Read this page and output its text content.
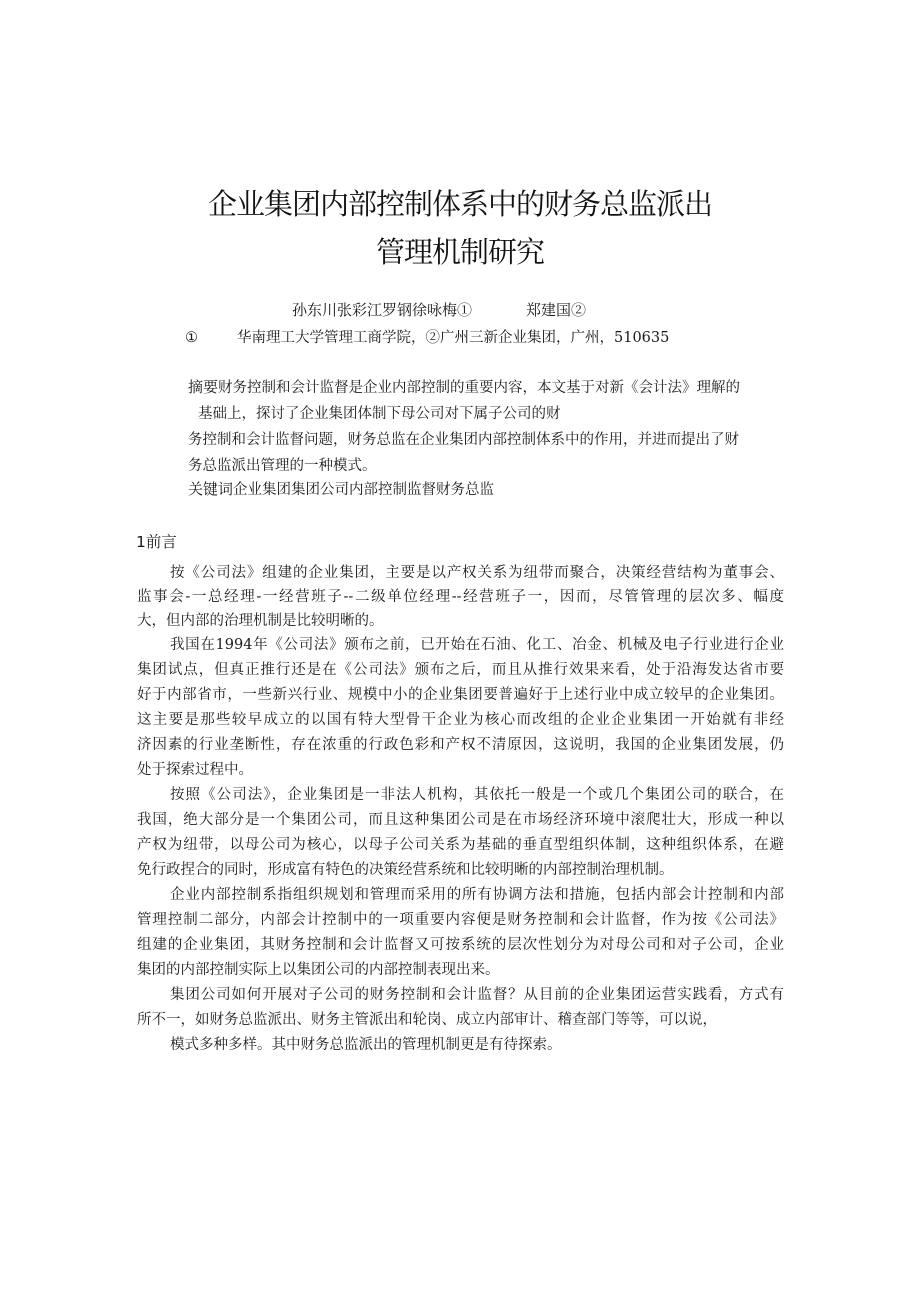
企业集团内部控制体系中的财务总监派出
管理机制研究
孙东川张彩江罗钢徐咏梅①	郑建国②
①	华南理工大学管理工商学院，②广州三新企业集团，广州，510635
摘要财务控制和会计监督是企业内部控制的重要内容，本文基于对新《会计法》理解的
基础上，探讨了企业集团体制下母公司对下属子公司的财
务控制和会计监督问题，财务总监在企业集团内部控制体系中的作用，并进而提出了财
务总监派出管理的一种模式。
关键词企业集团集团公司内部控制监督财务总监
1前言
按《公司法》组建的企业集团，主要是以产权关系为纽带而聚合，决策经营结构为董事会、
监事会-一总经理-一经营班子--二级单位经理--经营班子一，因而，尽管管理的层次多、幅度
大，但内部的治理机制是比较明晰的。
我国在1994年《公司法》颁布之前，已开始在石油、化工、冶金、机械及电子行业进行企业
集团试点，但真正推行还是在《公司法》颁布之后，而且从推行效果来看，处于沿海发达省市要
好于内部省市，一些新兴行业、规模中小的企业集团要普遍好于上述行业中成立较早的企业集团。
这主要是那些较早成立的以国有特大型骨干企业为核心而改组的企业企业集团一开始就有非经
济因素的行业垄断性，存在浓重的行政色彩和产权不清原因，这说明，我国的企业集团发展，仍
处于探索过程中。
按照《公司法》，企业集团是一非法人机构，其依托一般是一个或几个集团公司的联合，在
我国，绝大部分是一个集团公司，而且这种集团公司是在市场经济环境中滚爬壮大，形成一种以
产权为纽带，以母公司为核心，以母子公司关系为基础的垂直型组织体制，这种组织体系，在避
免行政捏合的同时，形成富有特色的决策经营系统和比较明晰的内部控制治理机制。
企业内部控制系指组织规划和管理而采用的所有协调方法和措施，包括内部会计控制和内部
管理控制二部分，内部会计控制中的一项重要内容便是财务控制和会计监督，作为按《公司法》
组建的企业集团，其财务控制和会计监督又可按系统的层次性划分为对母公司和对子公司，企业
集团的内部控制实际上以集团公司的内部控制表现出来。
集团公司如何开展对子公司的财务控制和会计监督？从目前的企业集团运营实践看，方式有
所不一，如财务总监派出、财务主管派出和轮岗、成立内部审计、稽查部门等等，可以说，
模式多种多样。其中财务总监派出的管理机制更是有待探索。
